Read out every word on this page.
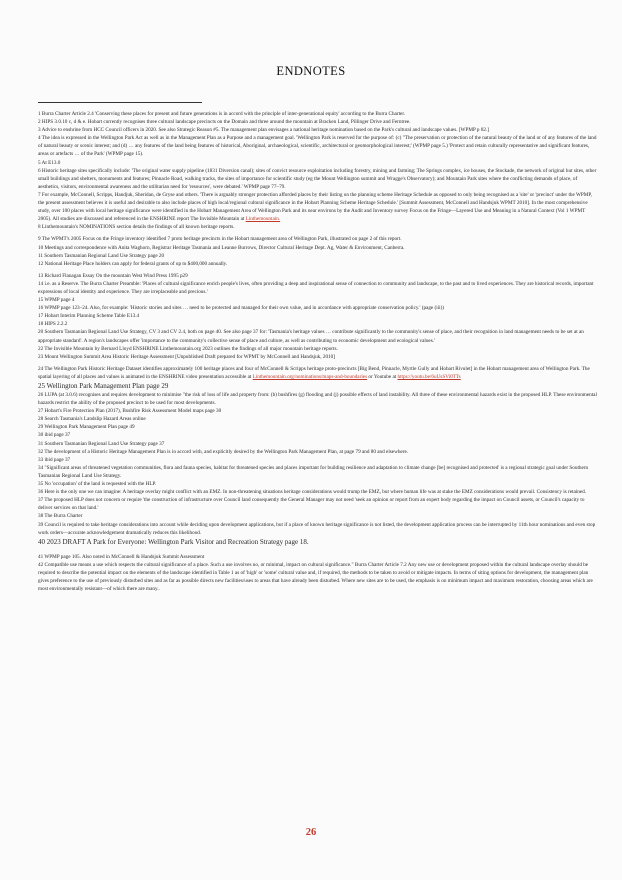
ENDNOTES

1 Burra Charter Article 2.4 'Conserving these places for present and future generations is in accord with the principle of inter-generational equity' according to the Burra Charter.

2 HIPS 3.0.10 c, d & e. Hobart currently recognises three cultural landscape precincts on the Domain and three around the mountain at Bracken Land, Pillinger Drive and Ferntree.

3 Advice to enshrine from HCC Council officers in 2020. See also Strategic Reason #5. The management plan envisages a national heritage nomination based on the Park's cultural and landscape values. [WPMP p 82.]

4 The idea is expressed in the Wellington Park Act as well as in the Management Plan as a Purpose and a management goal. 'Wellington Park is reserved for the purpose of: (c) "The preservation or protection of the natural beauty of the land or of any features of the land of natural beauty or scenic interest; and (d) … any features of the land being features of historical, Aboriginal, archaeological, scientific, architectural or geomorphological interest;' (WPMP page 5.) 'Protect and retain culturally representative and significant features, areas or artefacts … of the Park' (WPMP page 15).

5 At E13.0

6 Historic heritage sites specifically include: 'The original water supply pipeline (1831 Diversion canal); sites of convict resource exploitation including forestry, mining and farming; The Springs complex, ice houses, the Stockade, the network of original hut sites, other small buildings and shelters, monuments and features; Pinnacle Road, walking tracks, the sites of importance for scientific study (eg the Mount Wellington summit and Wragge's Observatory); and Mountain Park sites where the conflicting demands of place, of aesthetics, visitors, environmental awareness and the utilitarian need for 'resources', were debated.' WPMP page 77–79.

7 For example, McConnell, Scripps, Handjuk, Sheridan, de Gryse and others. 'There is arguably stronger protection afforded places by their listing on the planning scheme Heritage Schedule as opposed to only being recognised as a 'site' or 'precinct' under the WPMP, the present assessment believes it is useful and desirable to also include places of high local/regional cultural significance in the Hobart Planning Scheme Heritage Schedule.' [Summit Assessment, McConnell and Handsjuk WPMT 2010]. In the most comprehensive study, over 100 places with local heritage significance were identified in the Hobart Management Area of Wellington Park and its near environs by the Audit and Inventory survey Focus on the Fringe—Layered Use and Meaning in a Natural Context (Vol 1 WPMT 2005). All studies are discussed and referenced in the ENSHRINE report The Invisible Mountain at Linthemountain.

8 Linthemountain's NOMINATIONS section details the findings of all known heritage reports.

9 The WPMT's 2005 Focus on the Fringe inventory identified 7 proto heritage precincts in the Hobart management area of Wellington Park, illustrated on page 2 of this report.

10 Meetings and correspondence with Anita Waghorn, Registrar Heritage Tasmania and Leanne Burrows, Director Cultural Heritage Dept. Ag, Water & Environment, Canberra.

11 Southern Tasmanian Regional Land Use Strategy page 20

12 National Heritage Place holders can apply for federal grants of up to $400,000 annually.

13 Richard Flanagan Essay On the mountain West Wind Press 1995 p29

14 i.e. as a Reserve. The Burra Charter Preamble: 'Places of cultural significance enrich people's lives, often providing a deep and inspirational sense of connection to community and landscape, to the past and to lived experiences. They are historical records, important expressions of local identity and experience. They are irreplaceable and precious.'

15 WPMP page 4

16 WPMP page 123–24. Also, for example: 'Historic stories and sites … need to be protected and managed for their own value, and in accordance with appropriate conservation policy.' (page (iii))

17 Hobart Interim Planning Scheme Table E13.4

18 HIPS 2.2.2

20 Southern Tasmanian Regional Land Use Strategy, CV 3 and CV 2.4, both on page 40. See also page 37 for: 'Tasmania's heritage values … contribute significantly to the community's sense of place, and their recognition in land management needs to be set at an appropriate standard'. A region's landscapes offer 'importance to the community's collective sense of place and culture, as well as contributing to economic development and ecological values.'

22 The Invisible Mountain by Bernard Lloyd ENSHRINE Linthemountain.org 2023 outlines the findings of all major mountain heritage reports.

23 Mount Wellington Summit Area Historic Heritage Assessment [Unpublished Draft prepared for WPMT by McConnell and Handsjuk, 2010]

24 The Wellington Park Historic Heritage Dataset identifies approximately 100 heritage places and four of McConnell & Scripps heritage proto-precincts [Big Bend, Pinnacle, Myrtle Gully and Hobart Rivulet] in the Hobart management area of Wellington Park. The spatial layering of all places and values is animated in the ENSHRINE video presentation accessible at Linthemountain.org/nominations/maps-and-boundaries or Youtube at https://youtu.be/6uUsSVi0TTs

25 Wellington Park Management Plan page 29

26 LUPA (at 3.0.6) recognises and requires development to minimise "the risk of loss of life and property from: (b) bushfires (g) flooding and (j) possible effects of land instability. All three of these environmental hazards exist in the proposed HLP. These environmental hazards restrict the ability of the proposed precinct to be used for most developments.

27 Hobart's Fire Protection Plan (2017), Bushfire Risk Assessment Model maps page 30

28 Search Tasmania's Landslip Hazard Areas online

29 Wellington Park Management Plan page 49

30 ibid page 37

31 Southern Tasmanian Regional Land Use Strategy page 37

32 The development of a Historic Heritage Management Plan is in accord with, and explicitly desired by the Wellington Park Management Plan, at page 79 and 80 and elsewhere.

33 ibid page 37

34 "Significant areas of threatened vegetation communities, flora and fauna species, habitat for threatened species and places important for building resilience and adaptation to climate change [be] recognised and protected' is a regional strategic goal under Southern Tasmanian Regional Land Use Strategy.

35 No 'occupation' of the land is requested with the HLP.

36 Here is the only one we can imagine: A heritage overlay might conflict with an EMZ. In non-threatening situations heritage considerations would trump the EMZ, but where human life was at stake the EMZ considerations would prevail. Consistency is retained.

37 The proposed HLP does not concern or require 'the construction of infrastructure over Council land consequently the General Manager may not need 'seek an opinion or report from an expert body regarding the impact on Council assets, or Council's capacity to deliver services on that land.'

38 The Burra Charter

39 Council is required to take heritage considerations into account while deciding upon development applications, but if a place of known heritage significance is not listed, the development application process can be interrupted by 11th hour nominations and even stop work orders—accurate acknowledgement dramatically reduces this likelihood.

40 2023 DRAFT A Park for Everyone: Wellington Park Visitor and Recreation Strategy page 18.

41 WPMP page 105. Also noted in McConnell & Handsjuk Summit Assessment

42 Compatible use means a use which respects the cultural significance of a place. Such a use involves no, or minimal, impact on cultural significance." Burra Charter Article 7.2 Any new use or development proposed within the cultural landscape overlay should be required to describe the potential impact on the elements of the landscape identified in Table 1 as of 'high' or 'some' cultural value and, if required, the methods to be taken to avoid or mitigate impacts. In terms of siting options for development, the management plan gives preference to the use of previously disturbed sites and as far as possible directs new facilities/uses to areas that have already been disturbed. Where new sites are to be used, the emphasis is on minimum impact and maximum restoration, choosing areas which are most environmentally resistant—of which there are many..

26
